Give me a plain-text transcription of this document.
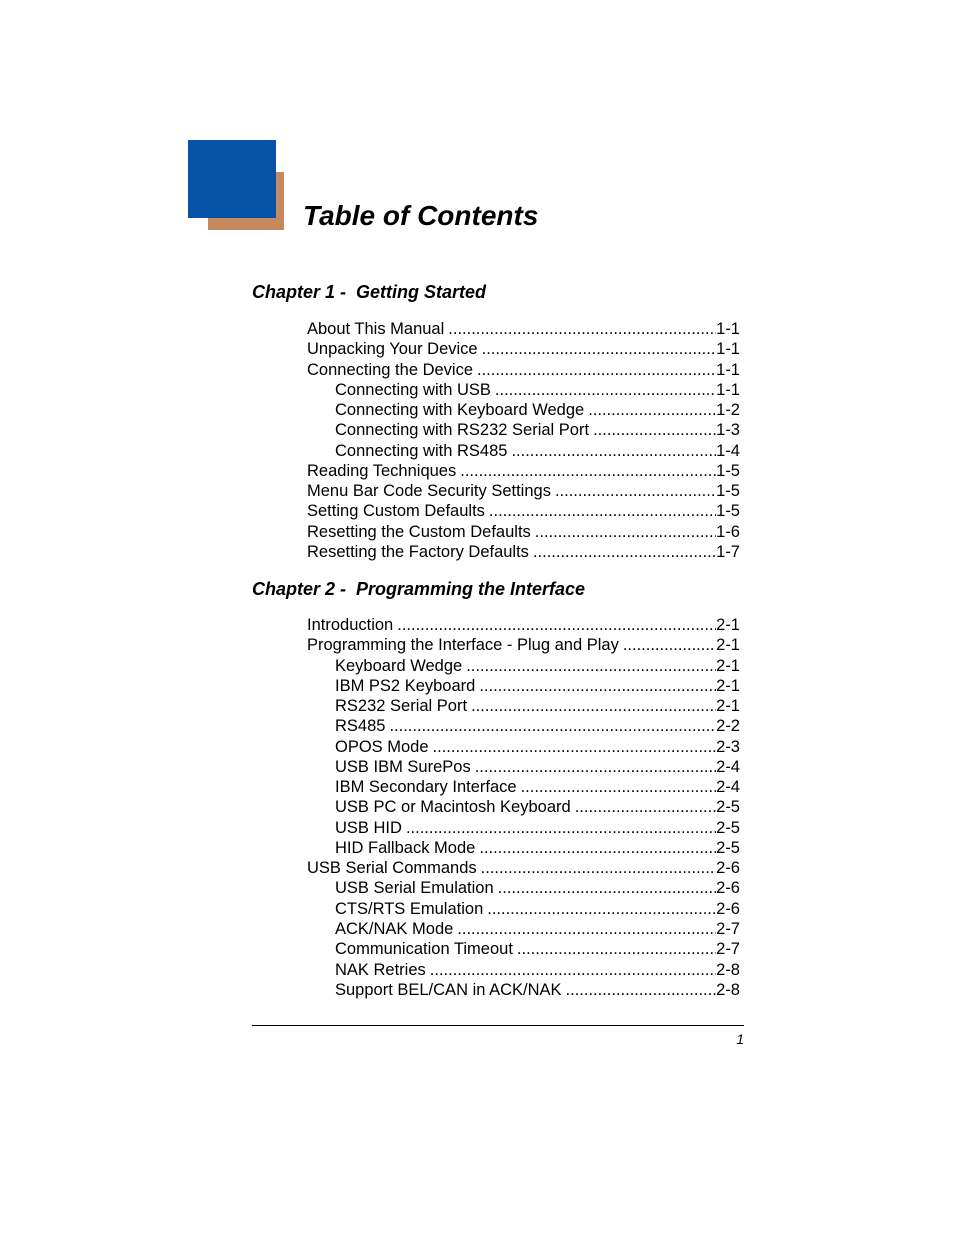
Table of Contents
Chapter 1 -  Getting Started
About This Manual .....	1-1
Unpacking Your Device .....	1-1
Connecting the Device .....	1-1
Connecting with USB .....	1-1
Connecting with Keyboard Wedge .....	1-2
Connecting with RS232 Serial Port .....	1-3
Connecting with RS485 .....	1-4
Reading Techniques .....	1-5
Menu Bar Code Security Settings .....	1-5
Setting Custom Defaults .....	1-5
Resetting the Custom Defaults .....	1-6
Resetting the Factory Defaults .....	1-7
Chapter 2 -  Programming the Interface
Introduction .....	2-1
Programming the Interface - Plug and Play .....	2-1
Keyboard Wedge .....	2-1
IBM PS2 Keyboard .....	2-1
RS232 Serial Port .....	2-1
RS485 .....	2-2
OPOS Mode .....	2-3
USB IBM SurePos .....	2-4
IBM Secondary Interface .....	2-4
USB PC or Macintosh Keyboard .....	2-5
USB HID .....	2-5
HID Fallback Mode .....	2-5
USB Serial Commands .....	2-6
USB Serial Emulation .....	2-6
CTS/RTS Emulation .....	2-6
ACK/NAK Mode .....	2-7
Communication Timeout .....	2-7
NAK Retries .....	2-8
Support BEL/CAN in ACK/NAK .....	2-8
1
